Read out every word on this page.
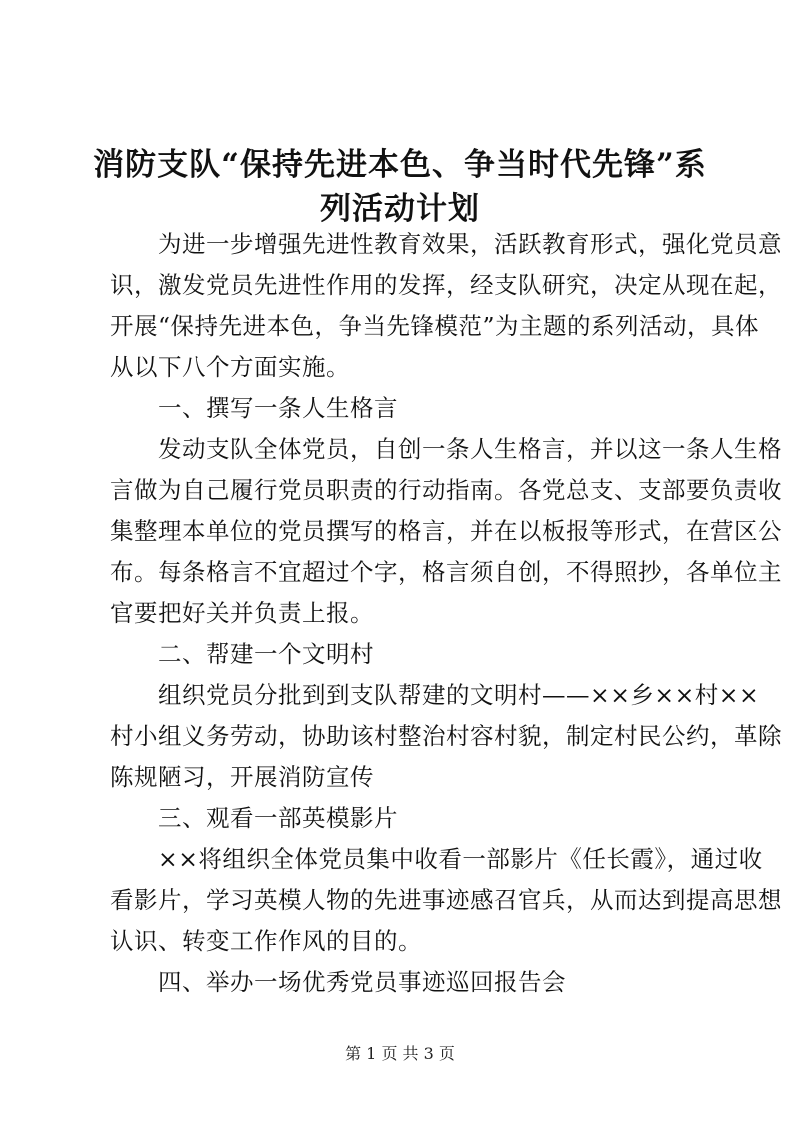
消防支队“保持先进本色、争当时代先锋”系
列活动计划
　　为进一步增强先进性教育效果，活跃教育形式，强化党员意
识，激发党员先进性作用的发挥，经支队研究，决定从现在起，
开展“保持先进本色，争当先锋模范”为主题的系列活动，具体
从以下八个方面实施。
　　一、撰写一条人生格言
　　发动支队全体党员，自创一条人生格言，并以这一条人生格
言做为自己履行党员职责的行动指南。各党总支、支部要负责收
集整理本单位的党员撰写的格言，并在以板报等形式，在营区公
布。每条格言不宜超过个字，格言须自创，不得照抄，各单位主
官要把好关并负责上报。
　　二、帮建一个文明村
　　组织党员分批到到支队帮建的文明村——××乡××村××
村小组义务劳动，协助该村整治村容村貌，制定村民公约，革除
陈规陋习，开展消防宣传
　　三、观看一部英模影片
　　××将组织全体党员集中收看一部影片《任长霞》，通过收
看影片，学习英模人物的先进事迹感召官兵，从而达到提高思想
认识、转变工作作风的目的。
　　四、举办一场优秀党员事迹巡回报告会
第 1 页 共 3 页
